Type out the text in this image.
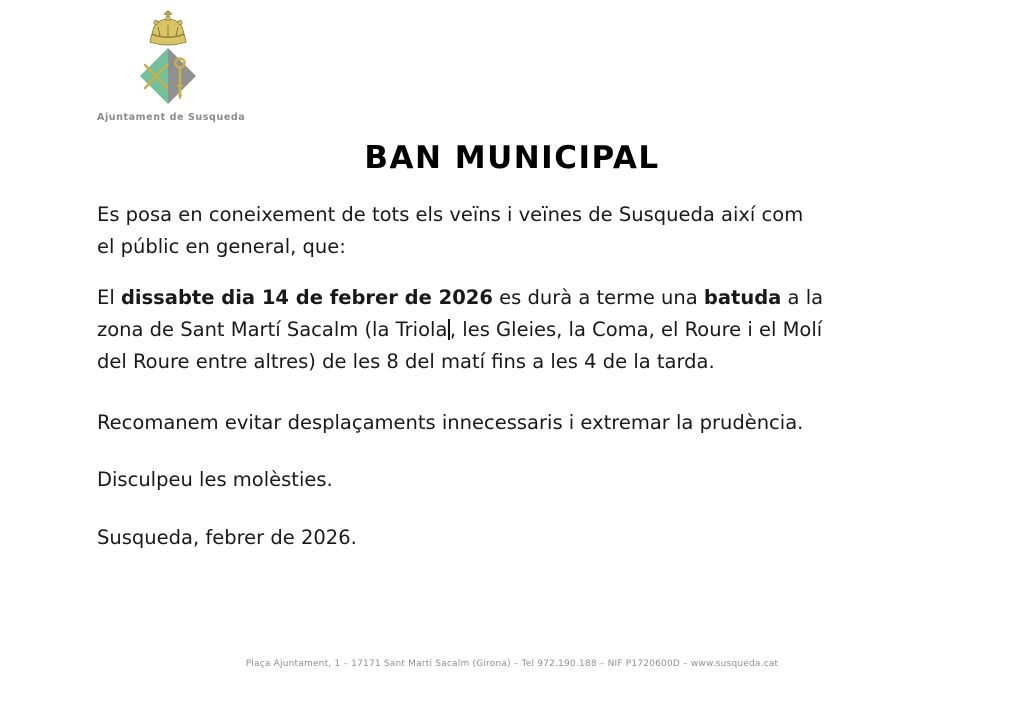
Ajuntament de Susqueda
BAN MUNICIPAL
Es posa en coneixement de tots els veïns i veïnes de Susqueda així com
el públic en general, que:
El dissabte dia 14 de febrer de 2026 es durà a terme una batuda a la
zona de Sant Martí Sacalm (la Triola , les Gleies, la Coma, el Roure i el Molí
del Roure entre altres) de les 8 del matí fins a les 4 de la tarda.
Recomanem evitar desplaçaments innecessaris i extremar la prudència.
Disculpeu les molèsties.
Susqueda, febrer de 2026.
Plaça Ajuntament, 1 – 17171 Sant Martí Sacalm (Girona) – Tel 972.190.188 – NIF P1720600D – www.susqueda.cat
